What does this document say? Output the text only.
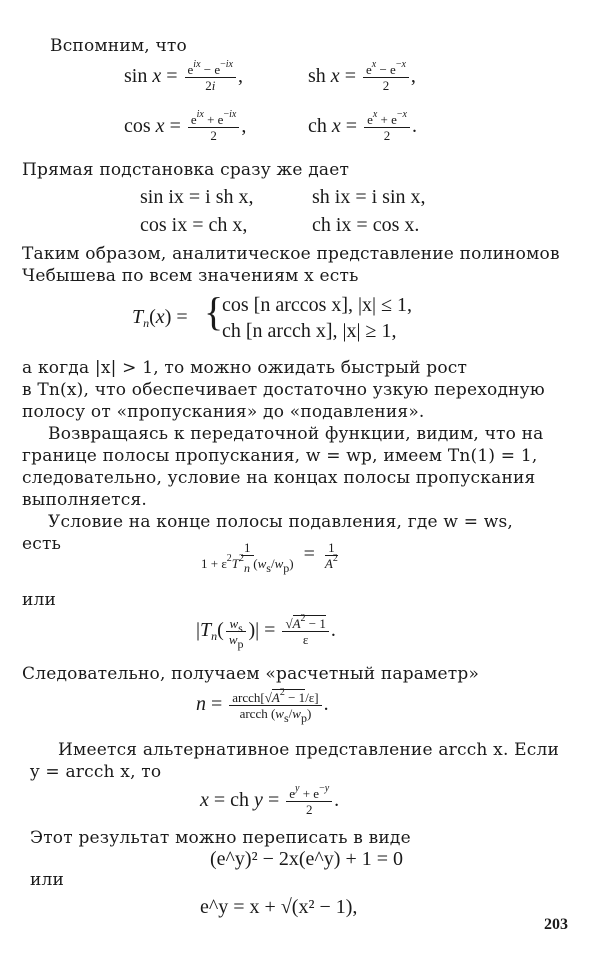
Вспомним, что
$\sin x = \frac{e^{ix} - e^{-ix}}{2i}$ ,	sh $x = \frac{e^x - e^{-x}}{2}$ ,
$\cos x = \frac{e^{ix} + e^{-ix}}{2}$ ,	ch $x = \frac{e^x + e^{-x}}{2}$ .
Прямая подстановка сразу же дает
sin ix = i sh x,	sh ix = i sin x,
cos ix = ch x,	ch ix = cos x.
Таким образом, аналитическое представление полиномов
Чебышева по всем значениям x есть
$T_n(x)$ = {
cos [n arccos x], |x| ≤ 1,
ch [n arcch x], |x| ≥ 1,
а когда |x| > 1, то можно ожидать быстрый рост
в Tn(x), что обеспечивает достаточно узкую переходную
полосу от «пропускания» до «подавления».
Возвращаясь к передаточной функции, видим, что на
границе полосы пропускания, w = wp, имеем Tn(1) = 1,
следовательно, условие на концах полосы пропускания
выполняется.
Условие на конце полосы подавления, где w = ws,
есть	$\frac{1}{1 + \varepsilon^2T^2_n (w_s/w_p)} = \frac{1}{A^2}$
или
$|T_n( \frac{w_s}{w_p}$ )| = $\frac{√A^2 - 1}{\varepsilon}$ .
Следовательно, получаем «расчетный параметр»
$n = \frac{arcch[√A^2 - 1/\varepsilon]}{arcch (w_s/w_p)}$ .
Имеется альтернативное представление arcch x. Если
y = arcch x, то
x = ch $y = \frac{e^y + e^{-y}}{2}$ .
Этот результат можно переписать в виде
(e^y)² − 2x(e^y) + 1 = 0
или
e^y = x + √(x² − 1),
203
